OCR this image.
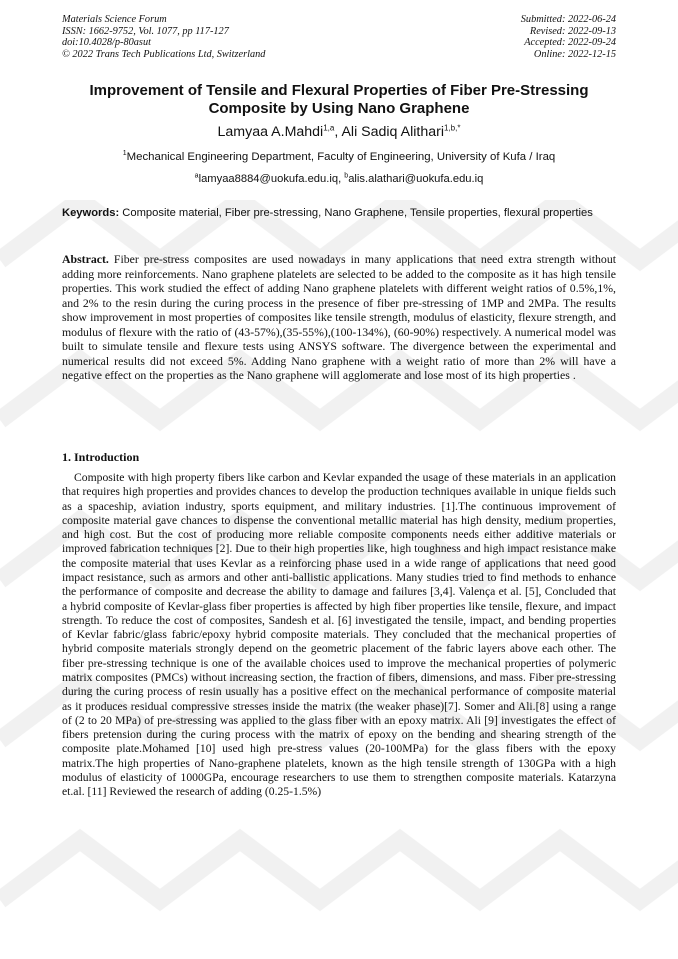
Materials Science Forum
ISSN: 1662-9752, Vol. 1077, pp 117-127
doi:10.4028/p-80asut
© 2022 Trans Tech Publications Ltd, Switzerland
Submitted: 2022-06-24
Revised: 2022-09-13
Accepted: 2022-09-24
Online: 2022-12-15
Improvement of Tensile and Flexural Properties of Fiber Pre-Stressing Composite by Using Nano Graphene
Lamyaa A.Mahdi$^{1,a}$, Ali Sadiq Alithari$^{1,b,*}$
$^1$Mechanical Engineering Department, Faculty of Engineering, University of Kufa / Iraq
$^a$lamyaa8884@uokufa.edu.iq, $^b$alis.alathari@uokufa.edu.iq
Keywords: Composite material, Fiber pre-stressing, Nano Graphene, Tensile properties, flexural properties
Abstract. Fiber pre-stress composites are used nowadays in many applications that need extra strength without adding more reinforcements. Nano graphene platelets are selected to be added to the composite as it has high tensile properties. This work studied the effect of adding Nano graphene platelets with different weight ratios of 0.5%,1%, and 2% to the resin during the curing process in the presence of fiber pre-stressing of 1MP and 2MPa. The results show improvement in most properties of composites like tensile strength, modulus of elasticity, flexure strength, and modulus of flexure with the ratio of (43-57%),(35-55%),(100-134%), (60-90%) respectively. A numerical model was built to simulate tensile and flexure tests using ANSYS software. The divergence between the experimental and numerical results did not exceed 5%. Adding Nano graphene with a weight ratio of more than 2% will have a negative effect on the properties as the Nano graphene will agglomerate and lose most of its high properties .
1. Introduction
Composite with high property fibers like carbon and Kevlar expanded the usage of these materials in an application that requires high properties and provides chances to develop the production techniques available in unique fields such as a spaceship, aviation industry, sports equipment, and military industries. [1].The continuous improvement of composite material gave chances to dispense the conventional metallic material has high density, medium properties, and high cost. But the cost of producing more reliable composite components needs either additive materials or improved fabrication techniques [2]. Due to their high properties like, high toughness and high impact resistance make the composite material that uses Kevlar as a reinforcing phase used in a wide range of applications that need good impact resistance, such as armors and other anti-ballistic applications. Many studies tried to find methods to enhance the performance of composite and decrease the ability to damage and failures [3,4]. Valença et al. [5], Concluded that a hybrid composite of Kevlar-glass fiber properties is affected by high fiber properties like tensile, flexure, and impact strength. To reduce the cost of composites, Sandesh et al. [6] investigated the tensile, impact, and bending properties of Kevlar fabric/glass fabric/epoxy hybrid composite materials. They concluded that the mechanical properties of hybrid composite materials strongly depend on the geometric placement of the fabric layers above each other. The fiber pre-stressing technique is one of the available choices used to improve the mechanical properties of polymeric matrix composites (PMCs) without increasing section, the fraction of fibers, dimensions, and mass. Fiber pre-stressing during the curing process of resin usually has a positive effect on the mechanical performance of composite material as it produces residual compressive stresses inside the matrix (the weaker phase)[7]. Somer and Ali.[8] using a range of (2 to 20 MPa) of pre-stressing was applied to the glass fiber with an epoxy matrix. Ali [9] investigates the effect of fibers pretension during the curing process with the matrix of epoxy on the bending and shearing strength of the composite plate.Mohamed [10] used high pre-stress values (20-100MPa) for the glass fibers with the epoxy matrix.The high properties of Nano-graphene platelets, known as the high tensile strength of 130GPa with a high modulus of elasticity of 1000GPa, encourage researchers to use them to strengthen composite materials. Katarzyna et.al. [11] Reviewed the research of adding (0.25-1.5%)
